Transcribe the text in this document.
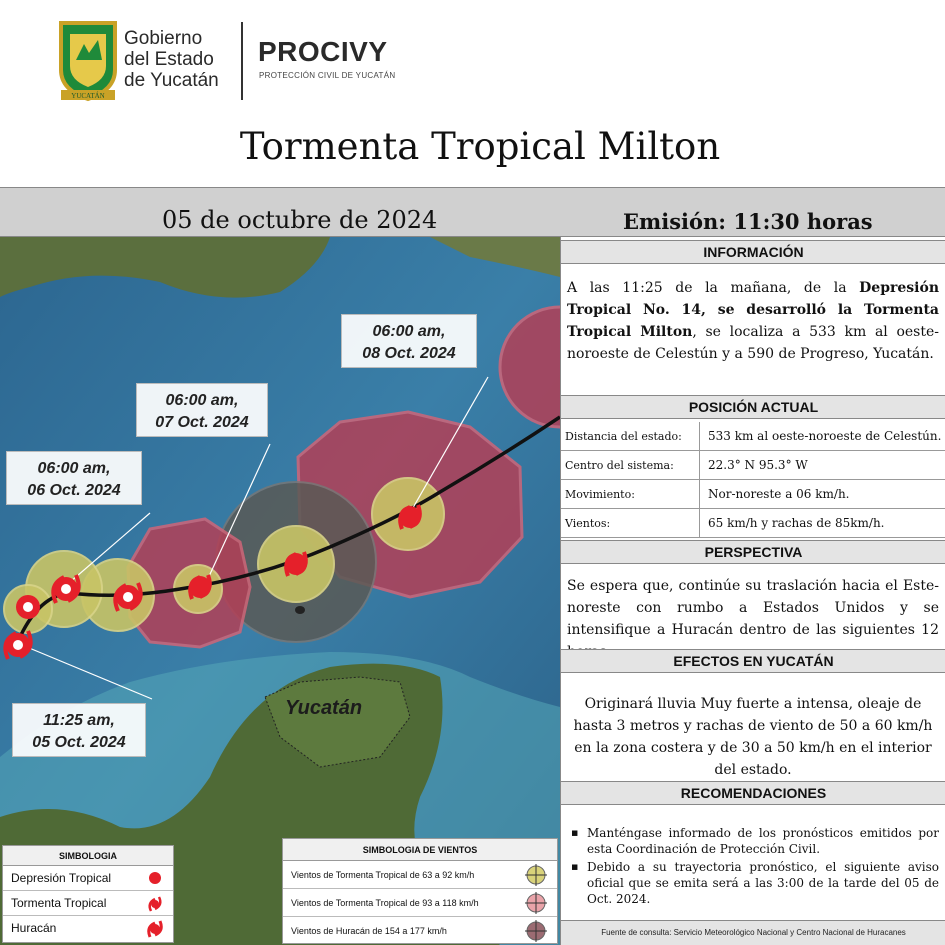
YUCATÁN
Gobierno
del Estado
de Yucatán
PROCIVY
PROTECCIÓN CIVIL DE YUCATÁN
Tormenta Tropical Milton
05 de octubre de 2024	Emisión: 11:30 horas
Yucatán
06:00 am,
08 Oct. 2024
06:00 am,
07 Oct. 2024
06:00 am,
06 Oct. 2024
11:25 am,
05 Oct. 2024
SIMBOLOGIA
Depresión Tropical
Tormenta Tropical
Huracán
SIMBOLOGIA DE VIENTOS
Vientos de Tormenta Tropical de 63 a 92 km/h
Vientos de Tormenta Tropical de 93 a 118 km/h
Vientos de Huracán de 154 a 177 km/h
INFORMACIÓN
A las 11:25 de la mañana, de la Depresión Tropical No. 14, se desarrolló la Tormenta Tropical Milton, se localiza a 533 km al oeste-noroeste de Celestún y a 590 de Progreso, Yucatán.
POSICIÓN ACTUAL
Distancia del estado:	533 km al oeste-noroeste de Celestún.
Centro del sistema:	22.3° N 95.3° W
Movimiento:	Nor-noreste a 06 km/h.
Vientos:	65 km/h y rachas de 85km/h.
PERSPECTIVA
Se espera que, continúe su traslación hacia el Este-noreste con rumbo a Estados Unidos y se intensifique a Huracán dentro de las siguientes 12
EFECTOS EN YUCATÁN
Originará lluvia Muy fuerte a intensa, oleaje de hasta 3 metros y rachas de viento de 50 a 60 km/h en la zona costera y de 30 a 50 km/h en el interior del estado.
RECOMENDACIONES
▪ Manténgase informado de los pronósticos emitidos por esta Coordinación de Protección Civil.
▪ Debido a su trayectoria pronóstico, el siguiente aviso oficial que se emita será a las 3:00 de la tarde del 05 de Oct. 2024.
Fuente de consulta: Servicio Meteorológico Nacional y Centro Nacional de Huracanes
